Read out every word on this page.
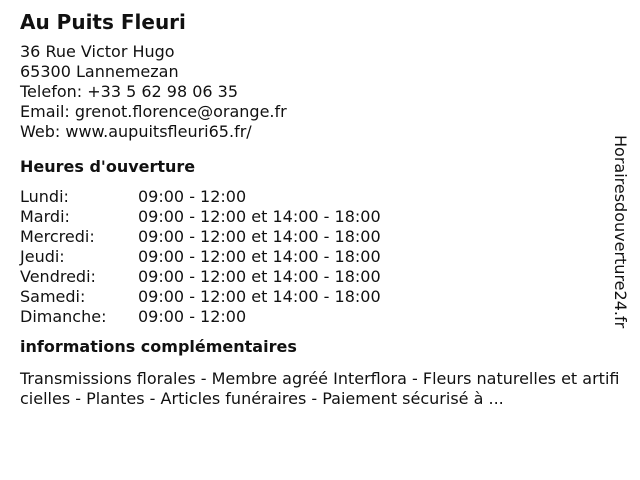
Au Puits Fleuri
36 Rue Victor Hugo
65300 Lannemezan
Telefon: +33 5 62 98 06 35
Email: grenot.florence@orange.fr
Web: www.aupuitsfleuri65.fr/
Heures d'ouverture
Lundi:	09:00 - 12:00
Mardi:	09:00 - 12:00 et 14:00 - 18:00
Mercredi:	09:00 - 12:00 et 14:00 - 18:00
Jeudi:	09:00 - 12:00 et 14:00 - 18:00
Vendredi:	09:00 - 12:00 et 14:00 - 18:00
Samedi:	09:00 - 12:00 et 14:00 - 18:00
Dimanche:	09:00 - 12:00
informations complémentaires
Transmissions florales - Membre agréé Interflora - Fleurs naturelles et artificielles - Plantes - Articles funéraires - Paiement sécurisé à ...
Horairesdouverture24.fr
